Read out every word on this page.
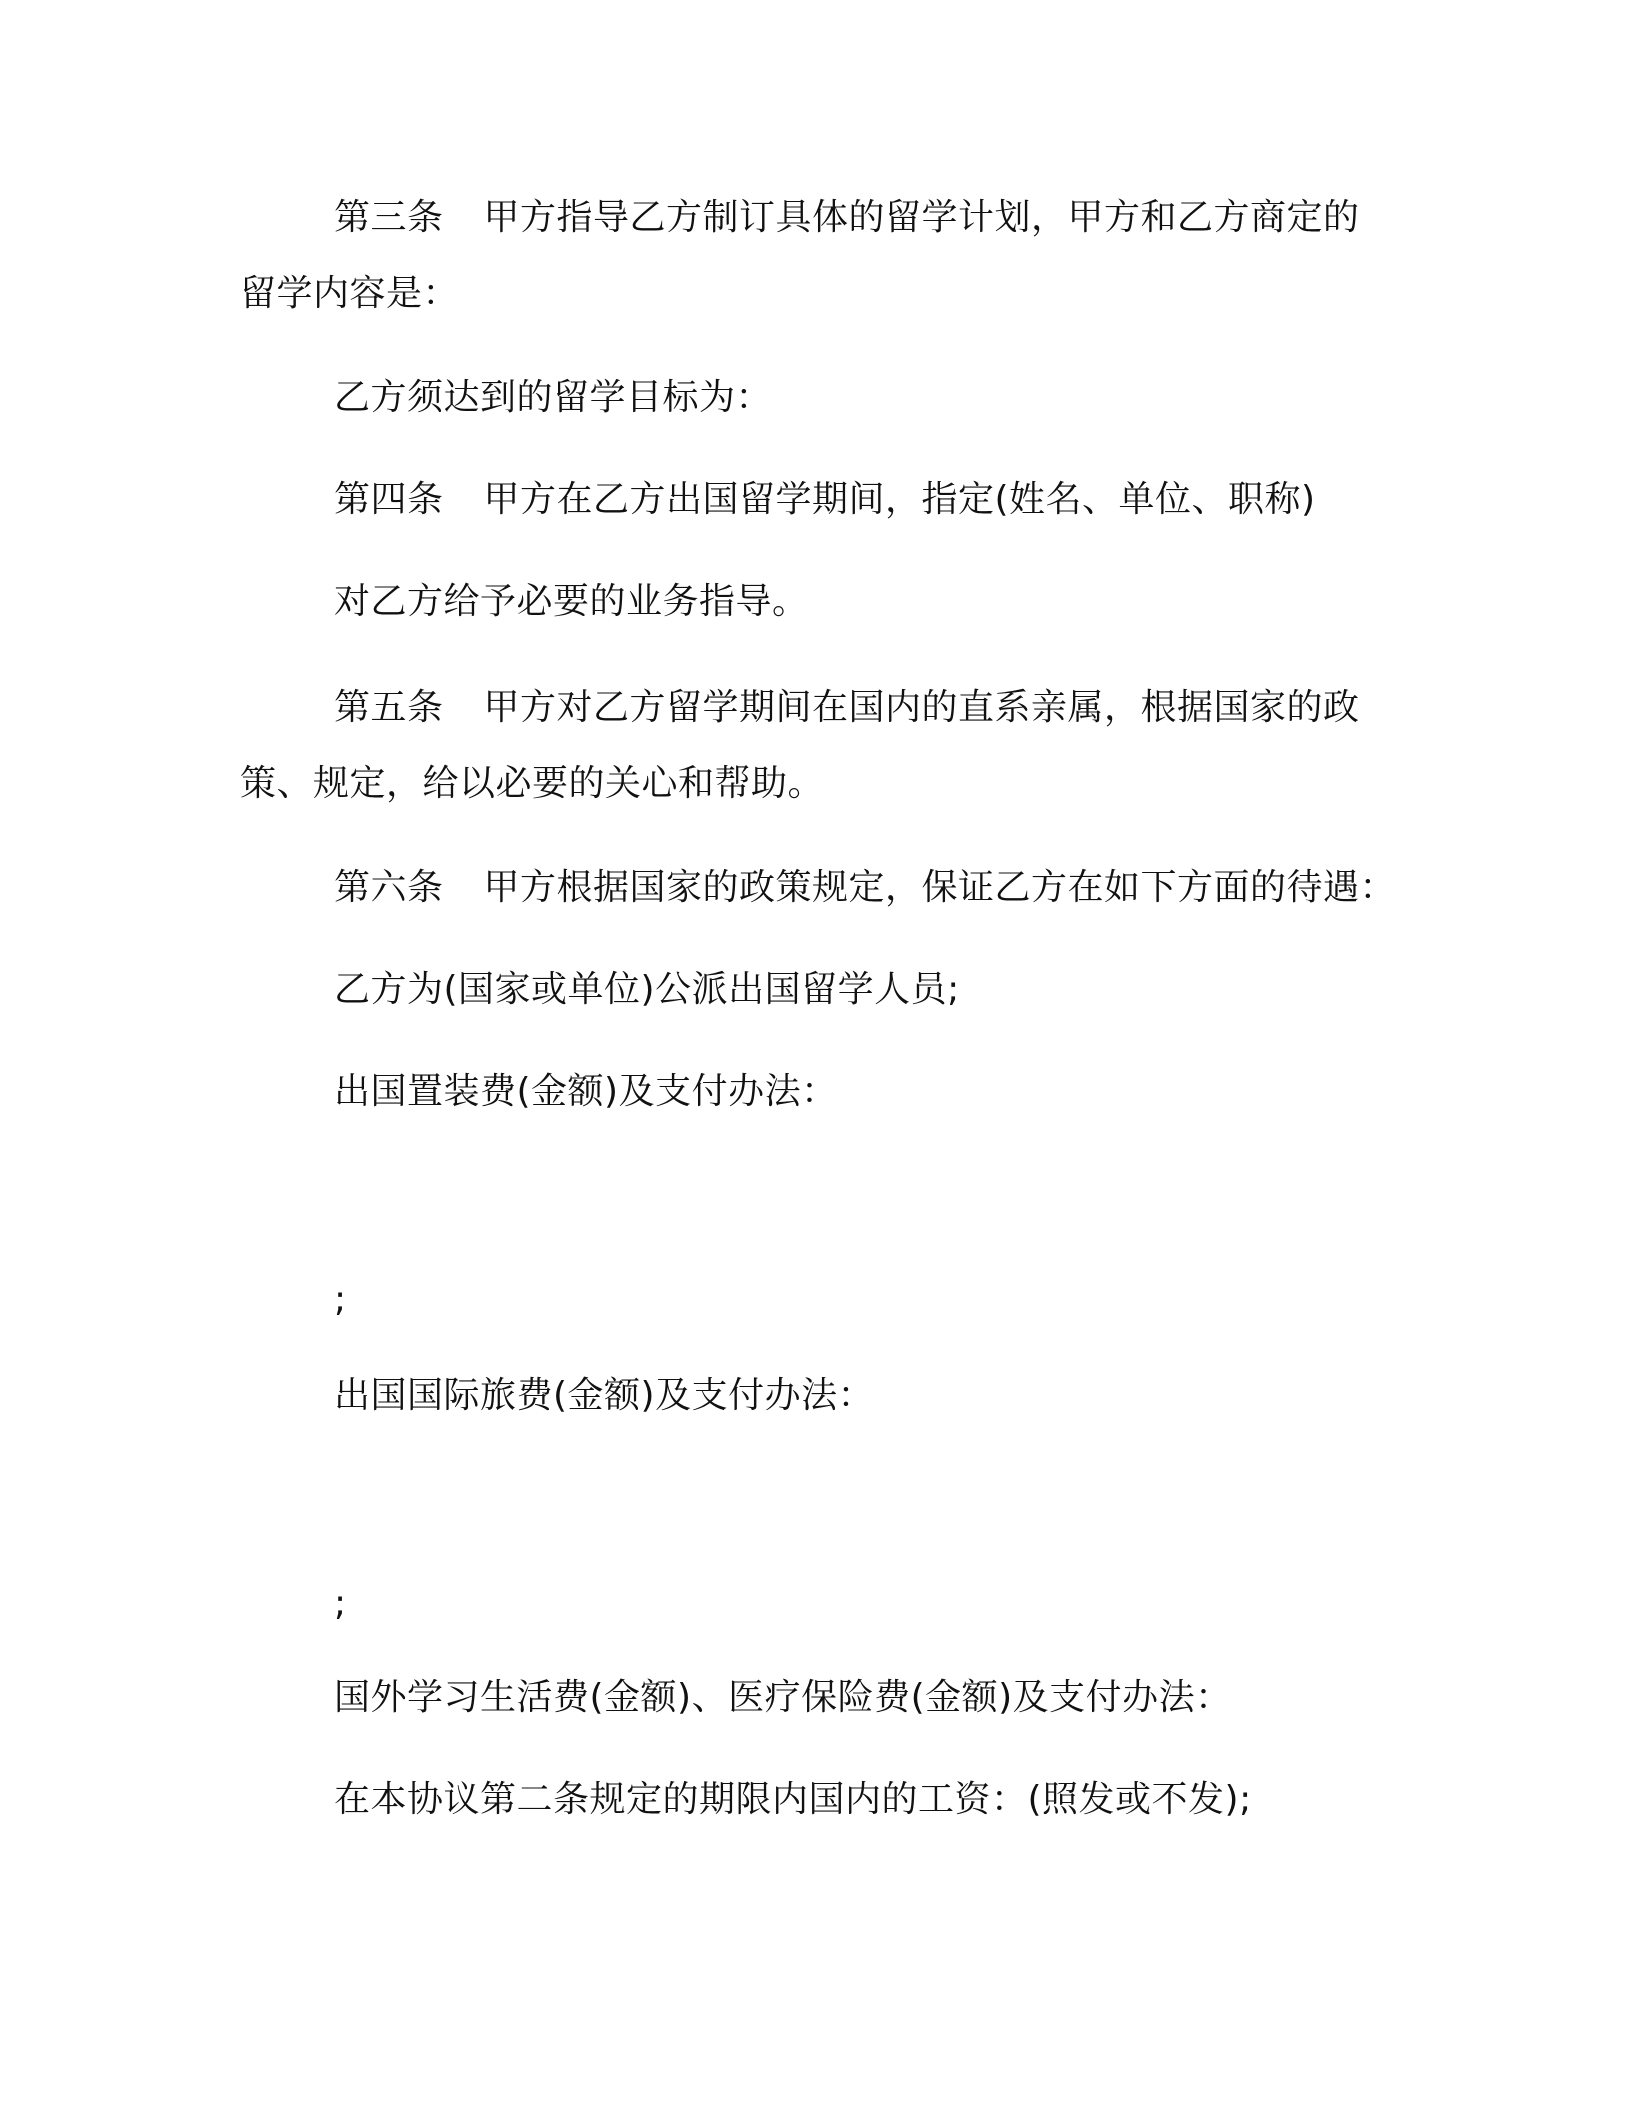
第三条 甲方指导乙方制订具体的留学计划，甲方和乙方商定的
留学内容是：
乙方须达到的留学目标为：
第四条 甲方在乙方出国留学期间，指定(姓名、单位、职称)
对乙方给予必要的业务指导。
第五条 甲方对乙方留学期间在国内的直系亲属，根据国家的政
策、规定，给以必要的关心和帮助。
第六条 甲方根据国家的政策规定，保证乙方在如下方面的待遇：
乙方为(国家或单位)公派出国留学人员;
出国置装费(金额)及支付办法：
;
出国国际旅费(金额)及支付办法：
;
国外学习生活费(金额)、医疗保险费(金额)及支付办法：
在本协议第二条规定的期限内国内的工资：(照发或不发);
